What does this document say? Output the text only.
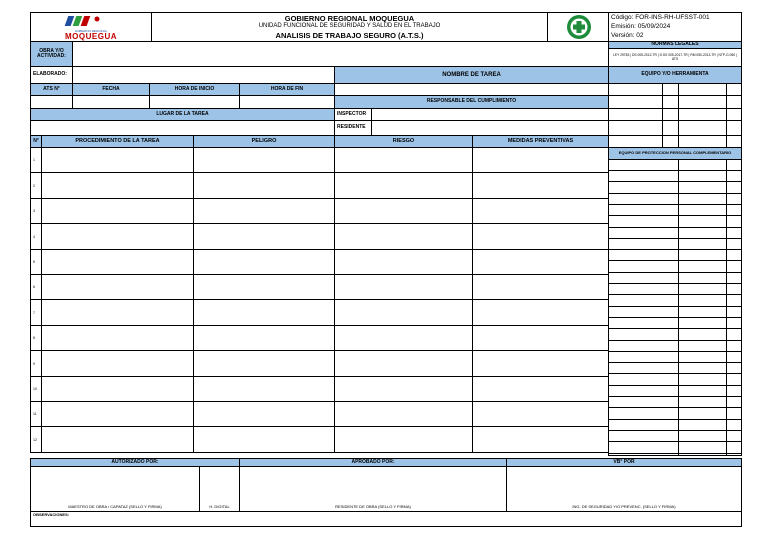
GOBIERNO REGIONAL
MOQUEGUA
GOBIERNO REGIONAL MOQUEGUA
UNIDAD FUNCIONAL DE SEGURIDAD Y SALUD EN EL TRABAJO
ANALISIS DE TRABAJO SEGURO (A.T.S.)
Código: FOR-INS-RH-UFSST-001
Emisión: 05/09/2024
Versión: 02
OBRA Y/O ACTIVIDAD:
NORMAS LEGALES
LEY 29783 | DS 005-2012-TR | D.SS 005-2017-TR | RM 050-2013-TR | NTP-G.050 | ATS
ELABORADO:	NOMBRE DE TAREA	EQUIPO Y/O HERRAMIENTA
ATS N°	FECHA	HORA DE INICIO	HORA DE FIN
RESPONSABLE DEL CUMPLIMIENTO
LUGAR DE LA TAREA	INSPECTOR
RESIDENTE
N°	PROCEDIMIENTO DE LA TAREA	PELIGRO	RIESGO	MEDIDAS PREVENTIVAS
1
2
3
4
5
6
7
8
9
10
11
12
EQUIPO DE PROTECCION PERSONAL COMPLEMENTARIO
AUTORIZADO POR:	APROBADO POR:	VB° POR
MAESTRO DE OBRA / CAPATAZ (SELLO Y FIRMA)	H. DIGITAL	RESIDENTE DE OBRA (SELLO Y FIRMA)	ING. DE SEGURIDAD Y/O PREVENC. (SELLO Y FIRMA)
OBSERVACIONES:
